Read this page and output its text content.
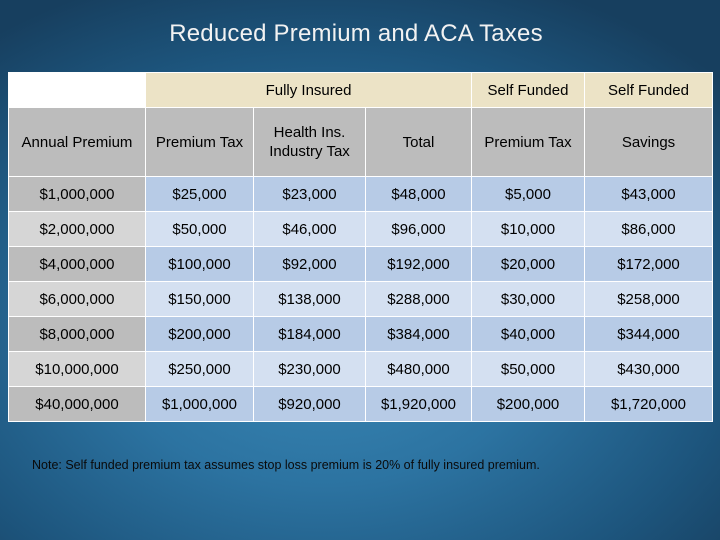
Reduced Premium and ACA Taxes
	Fully Insured			Self Funded	Self Funded
Annual Premium	Premium Tax	Health Ins. Industry Tax	Total	Premium Tax	Savings
$1,000,000	$25,000	$23,000	$48,000	$5,000	$43,000
$2,000,000	$50,000	$46,000	$96,000	$10,000	$86,000
$4,000,000	$100,000	$92,000	$192,000	$20,000	$172,000
$6,000,000	$150,000	$138,000	$288,000	$30,000	$258,000
$8,000,000	$200,000	$184,000	$384,000	$40,000	$344,000
$10,000,000	$250,000	$230,000	$480,000	$50,000	$430,000
$40,000,000	$1,000,000	$920,000	$1,920,000	$200,000	$1,720,000
Note: Self funded premium tax assumes stop loss premium is 20% of fully insured premium.
